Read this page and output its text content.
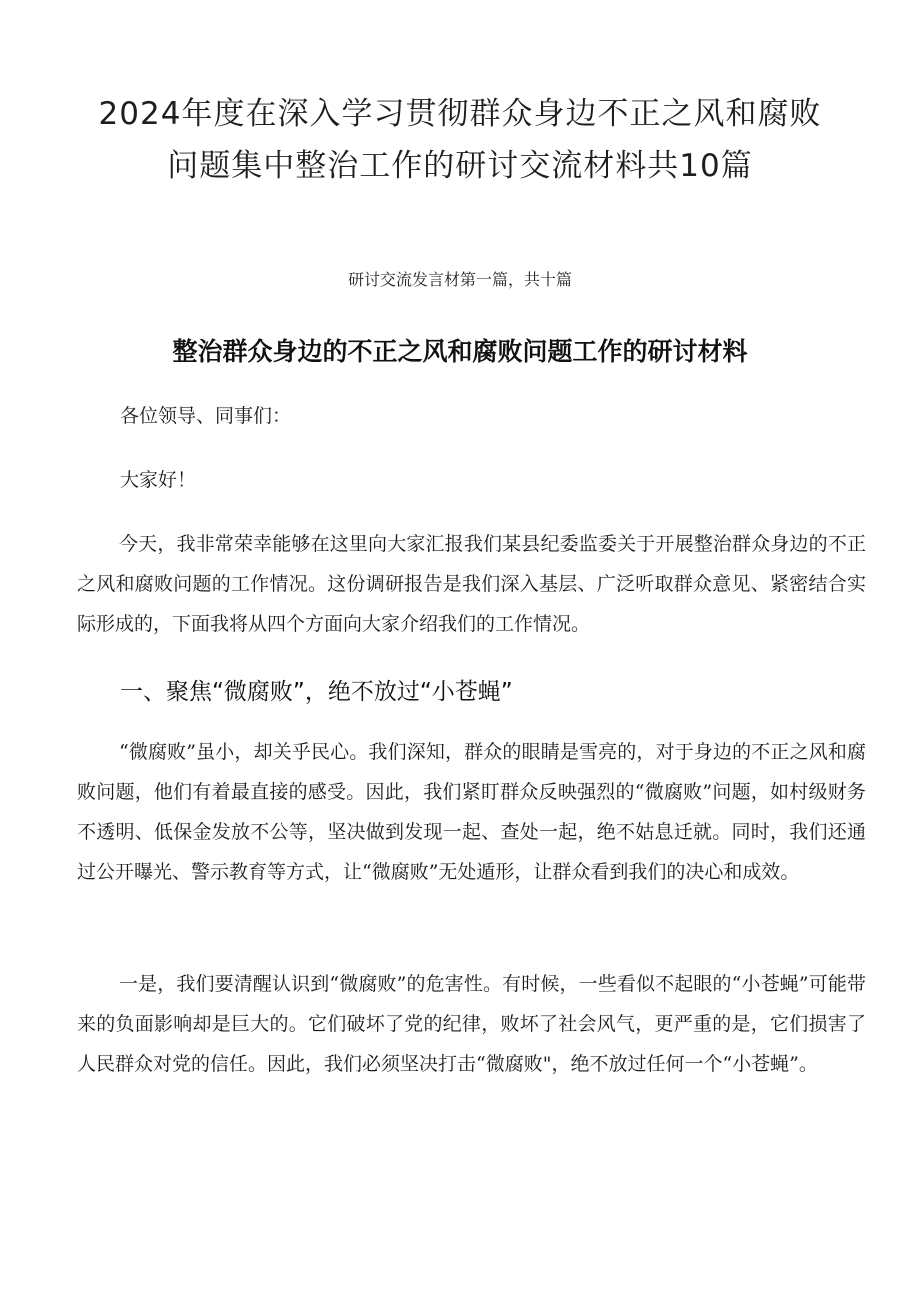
2024年度在深入学习贯彻群众身边不正之风和腐败
问题集中整治工作的研讨交流材料共10篇

研讨交流发言材第一篇，共十篇

整治群众身边的不正之风和腐败问题工作的研讨材料

各位领导、同事们：

大家好！

今天，我非常荣幸能够在这里向大家汇报我们某县纪委监委关于开展整治群众身边的不正之风和腐败问题的工作情况。这份调研报告是我们深入基层、广泛听取群众意见、紧密结合实际形成的，下面我将从四个方面向大家介绍我们的工作情况。

一、聚焦“微腐败”，绝不放过“小苍蝇”

“微腐败”虽小，却关乎民心。我们深知，群众的眼睛是雪亮的，对于身边的不正之风和腐败问题，他们有着最直接的感受。因此，我们紧盯群众反映强烈的“微腐败”问题，如村级财务不透明、低保金发放不公等，坚决做到发现一起、查处一起，绝不姑息迁就。同时，我们还通过公开曝光、警示教育等方式，让“微腐败”无处遁形，让群众看到我们的决心和成效。

一是，我们要清醒认识到“微腐败”的危害性。有时候，一些看似不起眼的“小苍蝇”可能带来的负面影响却是巨大的。它们破坏了党的纪律，败坏了社会风气，更严重的是，它们损害了人民群众对党的信任。因此，我们必须坚决打击“微腐败"，绝不放过任何一个“小苍蝇”。
